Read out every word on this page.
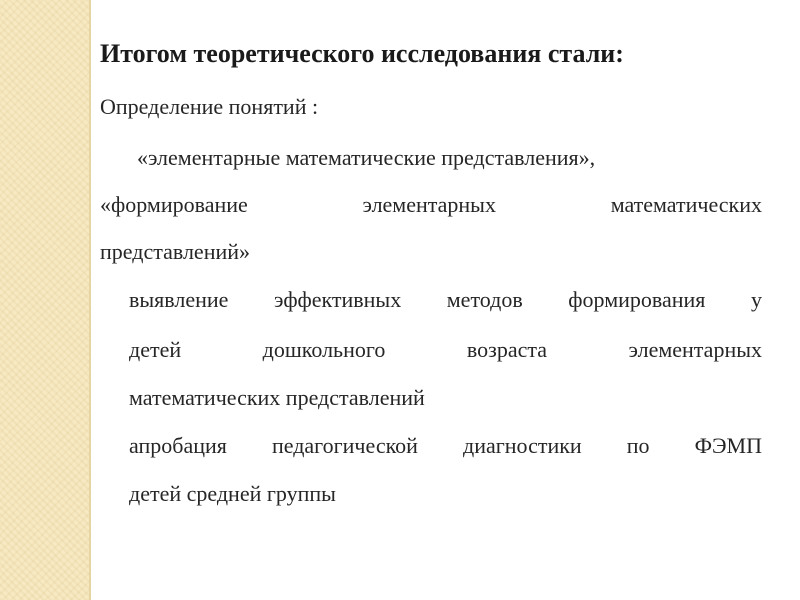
Итогом теоретического исследования стали:
Определение понятий :
«элементарные математические представления»,
«формирование элементарных математических
представлений»
выявление эффективных методов формирования у
детей дошкольного возраста элементарных
математических представлений
апробация педагогической диагностики по ФЭМП
детей средней группы
